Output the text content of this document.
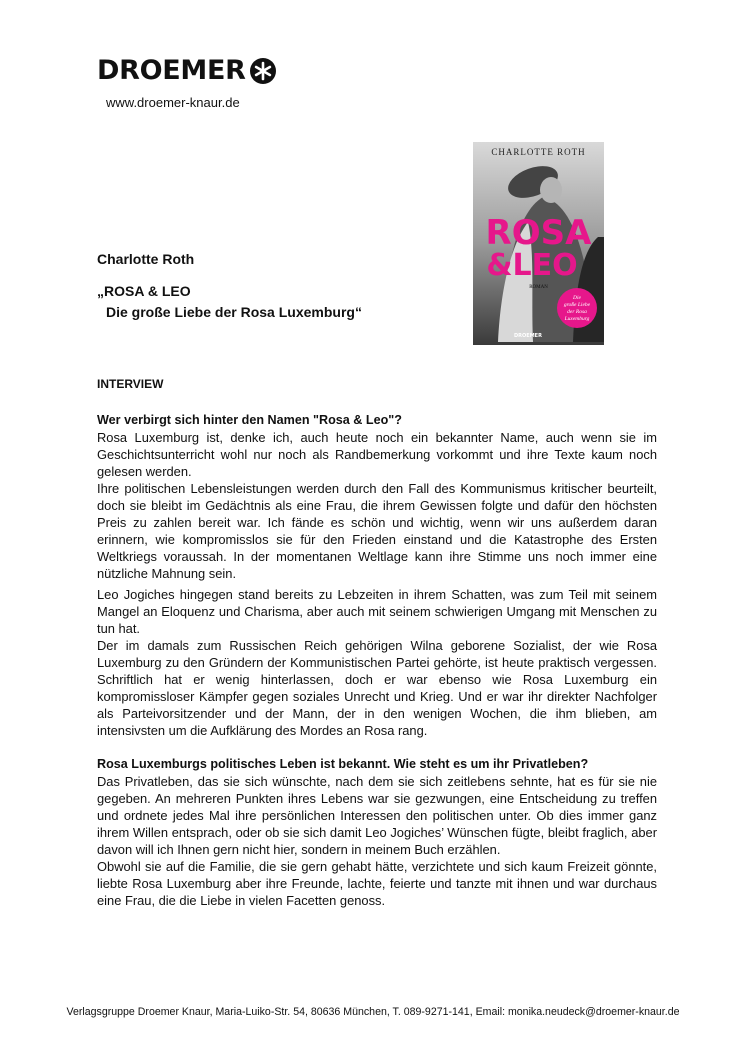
DROEMER
www.droemer-knaur.de
CHARLOTTE ROTH
ROSA
&LEO
ROMAN
Die
große Liebe
der Rosa
Luxemburg
DROEMER
Charlotte Roth
„ROSA & LEO
Die große Liebe der Rosa Luxemburg“
INTERVIEW
Wer verbirgt sich hinter den Namen "Rosa & Leo"?

Rosa Luxemburg ist, denke ich, auch heute noch ein bekannter Name, auch wenn sie im Geschichtsunterricht wohl nur noch als Randbemerkung vorkommt und ihre Texte kaum noch gelesen werden.

Ihre politischen Lebensleistungen werden durch den Fall des Kommunismus kritischer beurteilt, doch sie bleibt im Gedächtnis als eine Frau, die ihrem Gewissen folgte und dafür den höchsten Preis zu zahlen bereit war. Ich fände es schön und wichtig, wenn wir uns außerdem daran erinnern, wie kompromisslos sie für den Frieden einstand und die Katastrophe des Ersten Weltkriegs voraussah. In der momentanen Weltlage kann ihre Stimme uns noch immer eine nützliche Mahnung sein.

Leo Jogiches hingegen stand bereits zu Lebzeiten in ihrem Schatten, was zum Teil mit seinem Mangel an Eloquenz und Charisma, aber auch mit seinem schwierigen Umgang mit Menschen zu tun hat.

Der im damals zum Russischen Reich gehörigen Wilna geborene Sozialist, der wie Rosa Luxemburg zu den Gründern der Kommunistischen Partei gehörte, ist heute praktisch vergessen. Schriftlich hat er wenig hinterlassen, doch er war ebenso wie Rosa Luxemburg ein kompromissloser Kämpfer gegen soziales Unrecht und Krieg. Und er war ihr direkter Nachfolger als Parteivorsitzender und der Mann, der in den wenigen Wochen, die ihm blieben, am intensivsten um die Aufklärung des Mordes an Rosa rang.

Rosa Luxemburgs politisches Leben ist bekannt. Wie steht es um ihr Privatleben?

Das Privatleben, das sie sich wünschte, nach dem sie sich zeitlebens sehnte, hat es für sie nie gegeben. An mehreren Punkten ihres Lebens war sie gezwungen, eine Entscheidung zu treffen und ordnete jedes Mal ihre persönlichen Interessen den politischen unter. Ob dies immer ganz ihrem Willen entsprach, oder ob sie sich damit Leo Jogiches’ Wünschen fügte, bleibt fraglich, aber davon will ich Ihnen gern nicht hier, sondern in meinem Buch erzählen.

Obwohl sie auf die Familie, die sie gern gehabt hätte, verzichtete und sich kaum Freizeit gönnte, liebte Rosa Luxemburg aber ihre Freunde, lachte, feierte und tanzte mit ihnen und war durchaus eine Frau, die die Liebe in vielen Facetten genoss.

Verlagsgruppe Droemer Knaur, Maria-Luiko-Str. 54, 80636 München, T. 089-9271-141, Email: monika.neudeck@droemer-knaur.de
